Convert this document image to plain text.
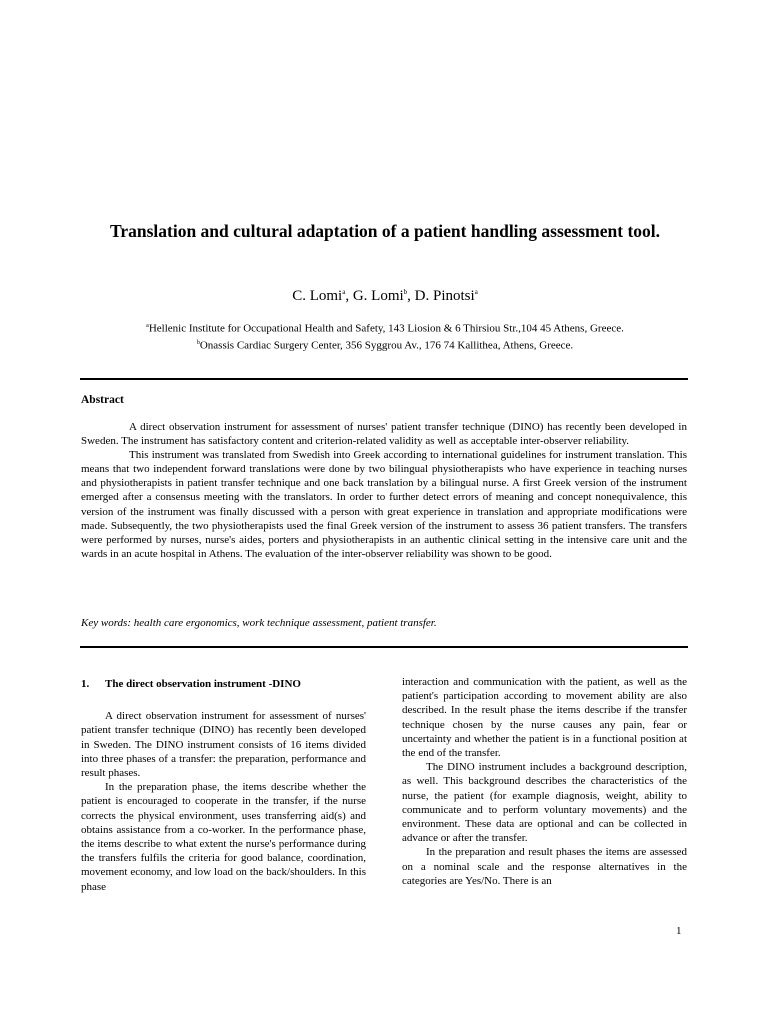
Translation and cultural adaptation of a patient handling assessment tool.
C. Lomi$^a$, G. Lomi$^b$, D. Pinotsi$^a$
$^a$Hellenic Institute for Occupational Health and Safety, 143 Liosion & 6 Thirsiou Str.,104 45 Athens, Greece.
$^b$Onassis Cardiac Surgery Center, 356 Syggrou Av., 176 74 Kallithea, Athens, Greece.
Abstract

A direct observation instrument for assessment of nurses' patient transfer technique (DINO) has recently been developed in Sweden. The instrument has satisfactory content and criterion-related validity as well as acceptable inter-observer reliability.

This instrument was translated from Swedish into Greek according to international guidelines for instrument translation. This means that two independent forward translations were done by two bilingual physiotherapists who have experience in teaching nurses and physiotherapists in patient transfer technique and one back translation by a bilingual nurse. A first Greek version of the instrument emerged after a consensus meeting with the translators. In order to further detect errors of meaning and concept nonequivalence, this version of the instrument was finally discussed with a person with great experience in translation and appropriate modifications were made. Subsequently, the two physiotherapists used the final Greek version of the instrument to assess 36 patient transfers. The transfers were performed by nurses, nurse's aides, porters and physiotherapists in an authentic clinical setting in the intensive care unit and the wards in an acute hospital in Athens. The evaluation of the inter-observer reliability was shown to be good.

Key words: health care ergonomics, work technique assessment, patient transfer.
1. The direct observation instrument -DINO

A direct observation instrument for assessment of nurses' patient transfer technique (DINO) has recently been developed in Sweden. The DINO instrument consists of 16 items divided into three phases of a transfer: the preparation, performance and result phases.

In the preparation phase, the items describe whether the patient is encouraged to cooperate in the transfer, if the nurse corrects the physical environment, uses transferring aid(s) and obtains assistance from a co-worker. In the performance phase, the items describe to what extent the nurse's performance during the transfers fulfils the criteria for good balance, coordination, movement economy, and low load on the back/shoulders. In this phase

interaction and communication with the patient, as well as the patient's participation according to movement ability are also described. In the result phase the items describe if the transfer technique chosen by the nurse causes any pain, fear or uncertainty and whether the patient is in a functional position at the end of the transfer.

The DINO instrument includes a background description, as well. This background describes the characteristics of the nurse, the patient (for example diagnosis, weight, ability to communicate and to perform voluntary movements) and the environment. These data are optional and can be collected in advance or after the transfer.

In the preparation and result phases the items are assessed on a nominal scale and the response alternatives in the categories are Yes/No. There is an

1
